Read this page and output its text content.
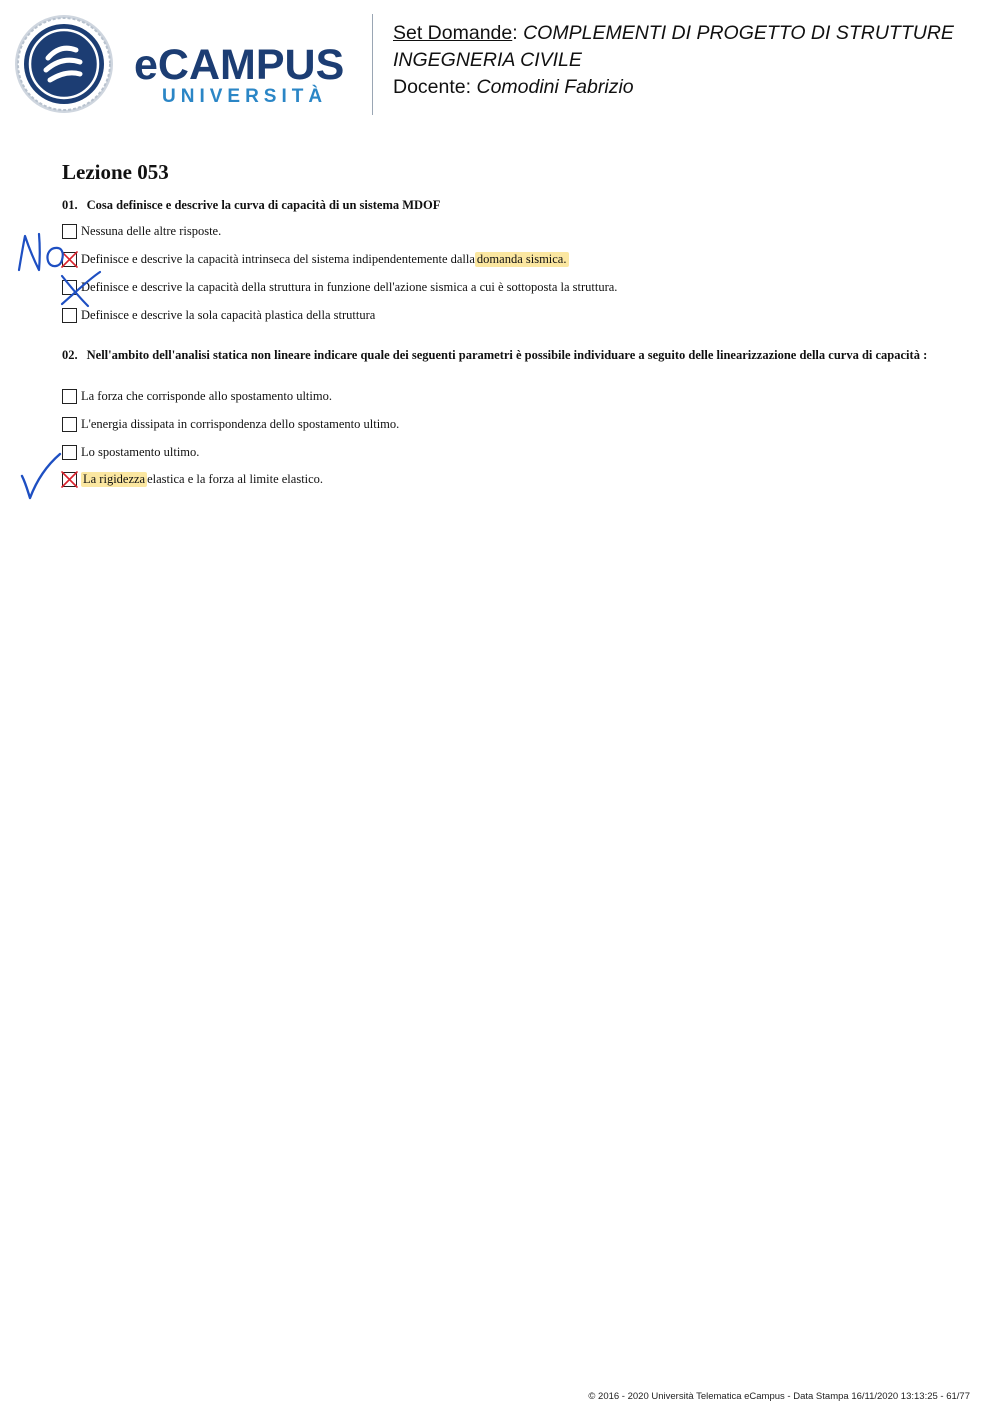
eCAMPUS
UNIVERSITÀ
Set Domande: COMPLEMENTI DI PROGETTO DI STRUTTURE
INGEGNERIA CIVILE
Docente: Comodini Fabrizio
Lezione 053
01. Cosa definisce e descrive la curva di capacità di un sistema MDOF
Nessuna delle altre risposte.
Definisce e descrive la capacità intrinseca del sistema indipendentemente dalla domanda sismica.
Definisce e descrive la capacità della struttura in funzione dell'azione sismica a cui è sottoposta la struttura.
Definisce e descrive la sola capacità plastica della struttura
02. Nell'ambito dell'analisi statica non lineare indicare quale dei seguenti parametri è possibile individuare a seguito delle linearizzazione della curva di capacità :
La forza che corrisponde allo spostamento ultimo.
L'energia dissipata in corrispondenza dello spostamento ultimo.
Lo spostamento ultimo.
La rigidezza elastica e la forza al limite elastico.
© 2016 - 2020 Università Telematica eCampus - Data Stampa 16/11/2020 13:13:25 - 61/77
